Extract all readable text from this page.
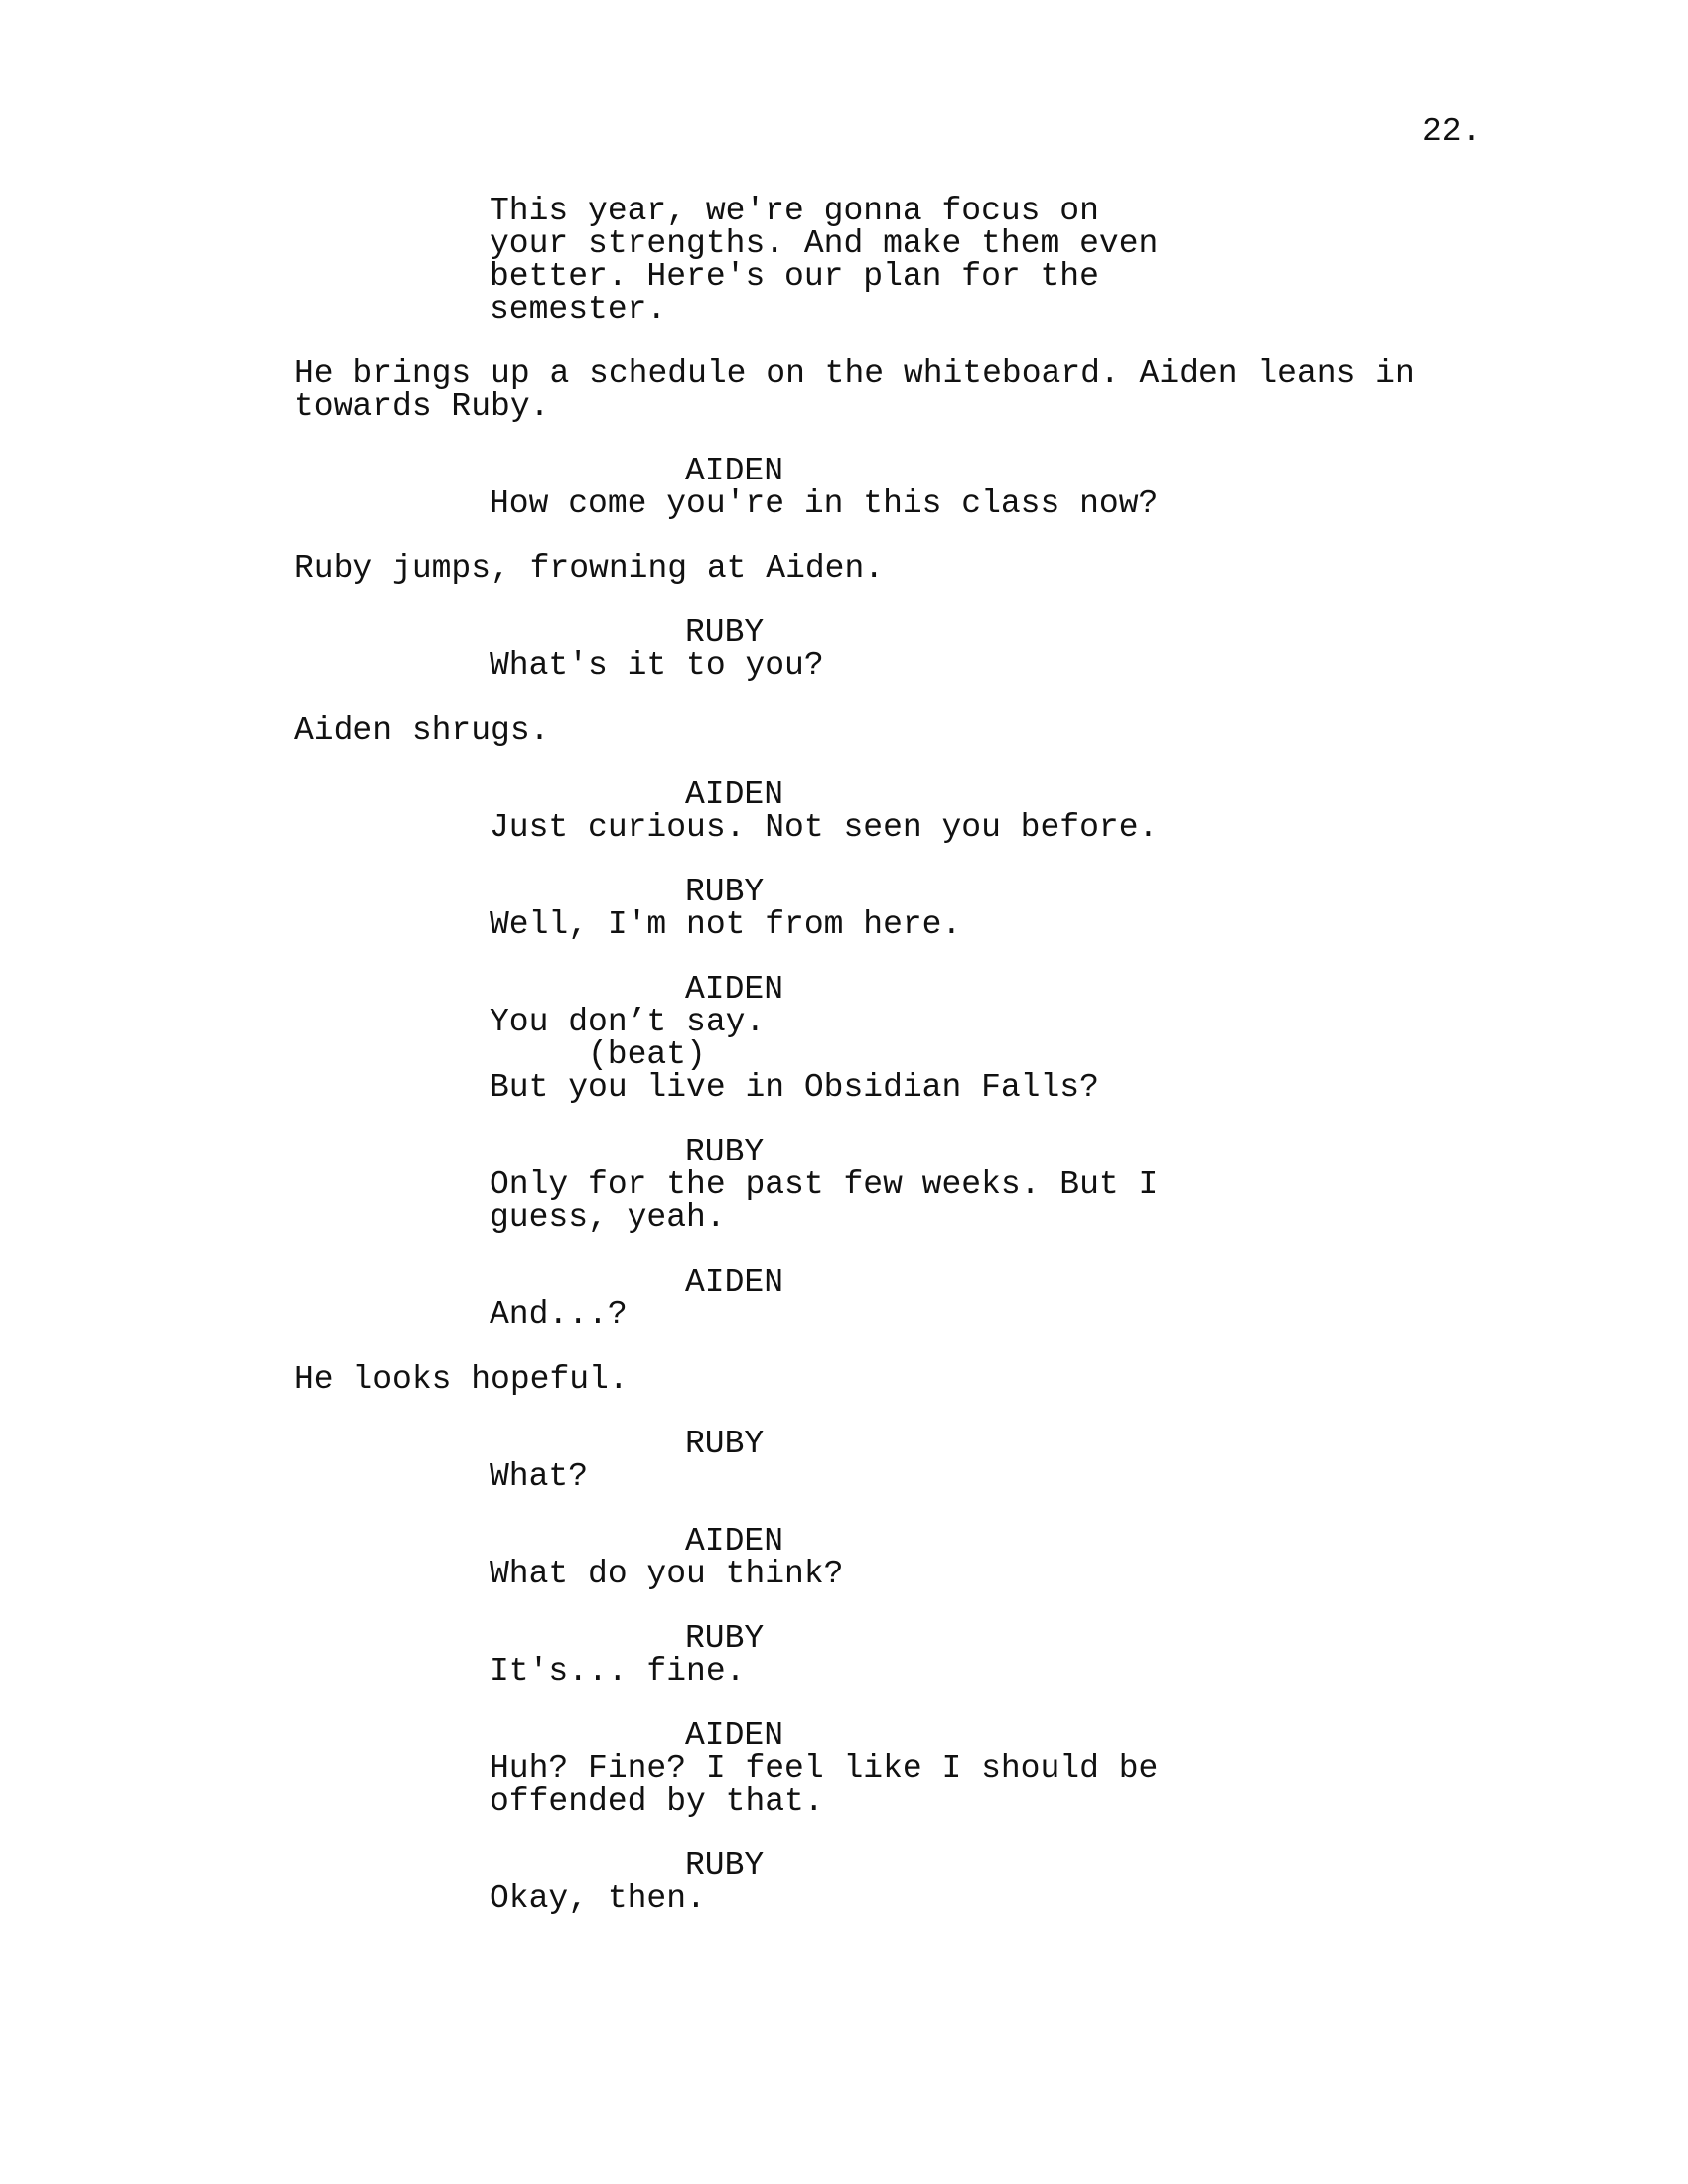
22.
This year, we're gonna focus on
your strengths. And make them even
better. Here's our plan for the
semester.
He brings up a schedule on the whiteboard. Aiden leans in
towards Ruby.
AIDEN
How come you're in this class now?
Ruby jumps, frowning at Aiden.
RUBY
What's it to you?
Aiden shrugs.
AIDEN
Just curious. Not seen you before.
RUBY
Well, I'm not from here.
AIDEN
You don’t say.
(beat)
But you live in Obsidian Falls?
RUBY
Only for the past few weeks. But I
guess, yeah.
AIDEN
And...?
He looks hopeful.
RUBY
What?
AIDEN
What do you think?
RUBY
It's... fine.
AIDEN
Huh? Fine? I feel like I should be
offended by that.
RUBY
Okay, then.
